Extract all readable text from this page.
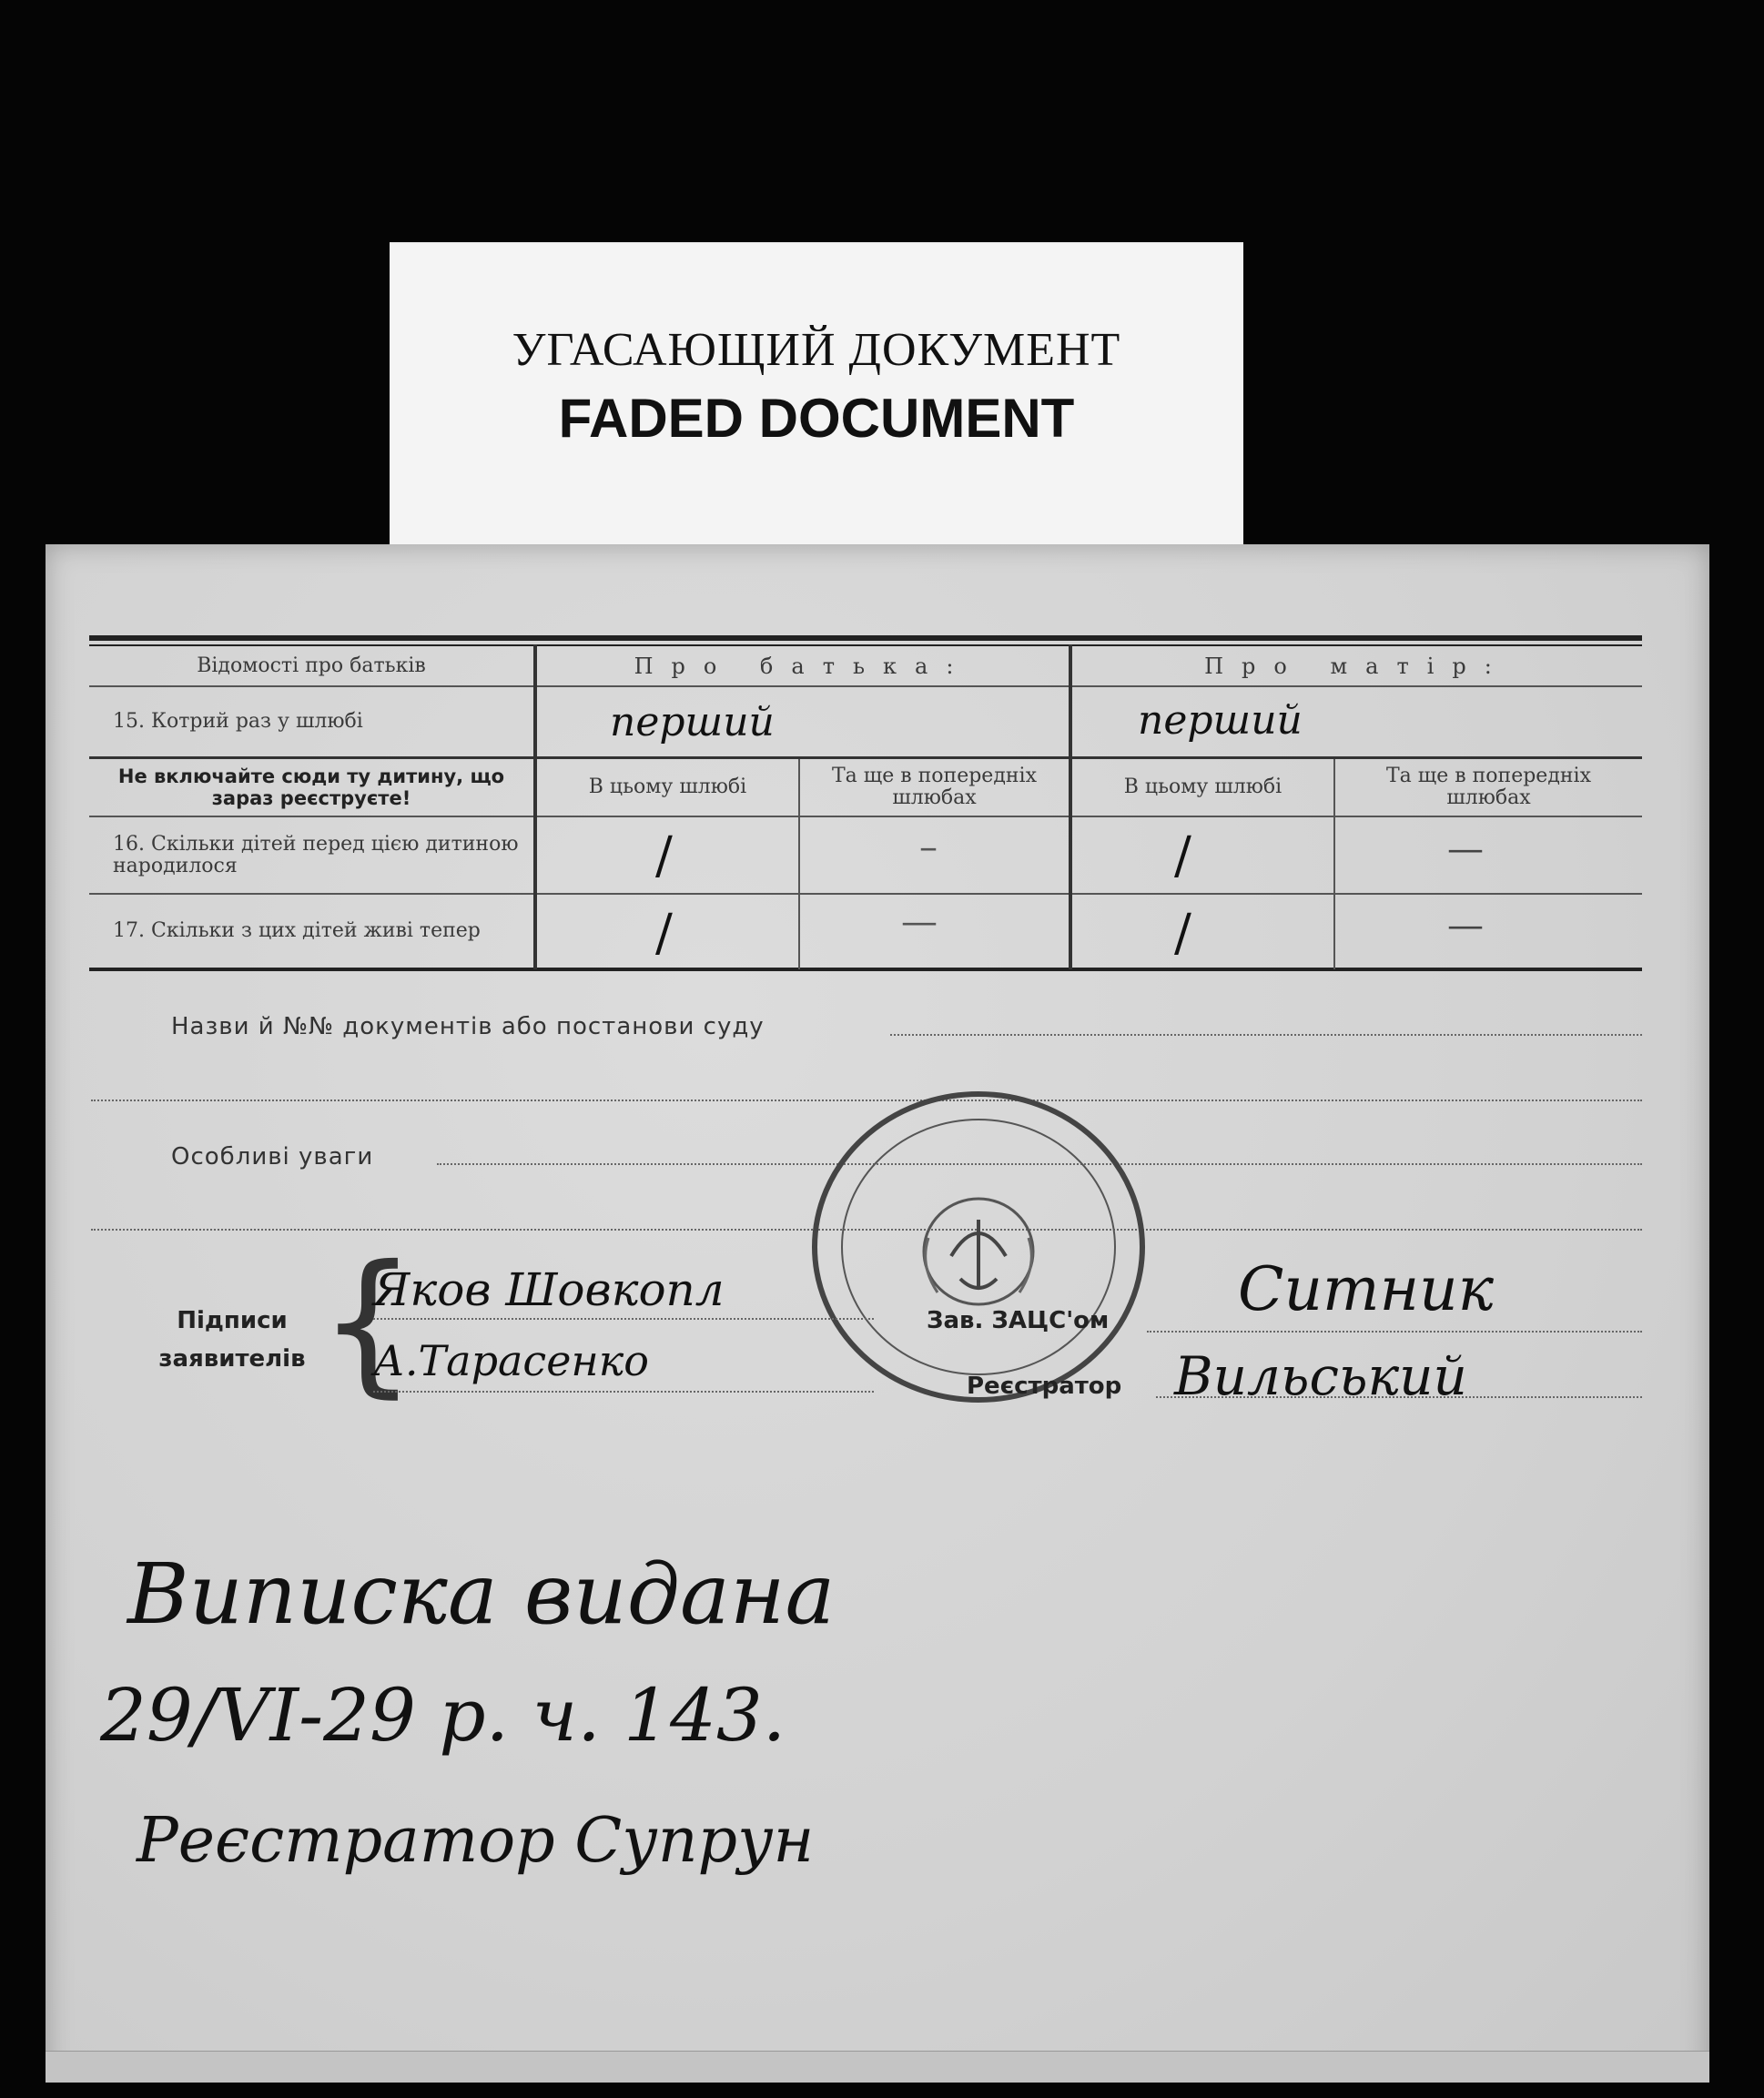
УГАСАЮЩИЙ ДОКУМЕНТ
FADED DOCUMENT
Відомості про батьків	Про батька:	Про матір:
15. Котрий раз у шлюбі	перший	перший
Не включайте сюди ту дитину, що зараз реєструєте!	В цьому шлюбі	Та ще в попередніх шлюбах	В цьому шлюбі	Та ще в попередніх шлюбах
16. Скільки дітей перед цією дитиною народилося	/	–	/	—
17. Скільки з цих дітей живі тепер	/	—	/	—
Назви й №№ документів або постанови суду
Особливі уваги
Підписи заявителів {
Яков Шовкопл
А.Тарасенко
Зав. ЗАЦС'ом Ситник
Реєстратор Вильський
Виписка видана
29/VI-29 р. ч. 143.
Реєстратор Супрун
